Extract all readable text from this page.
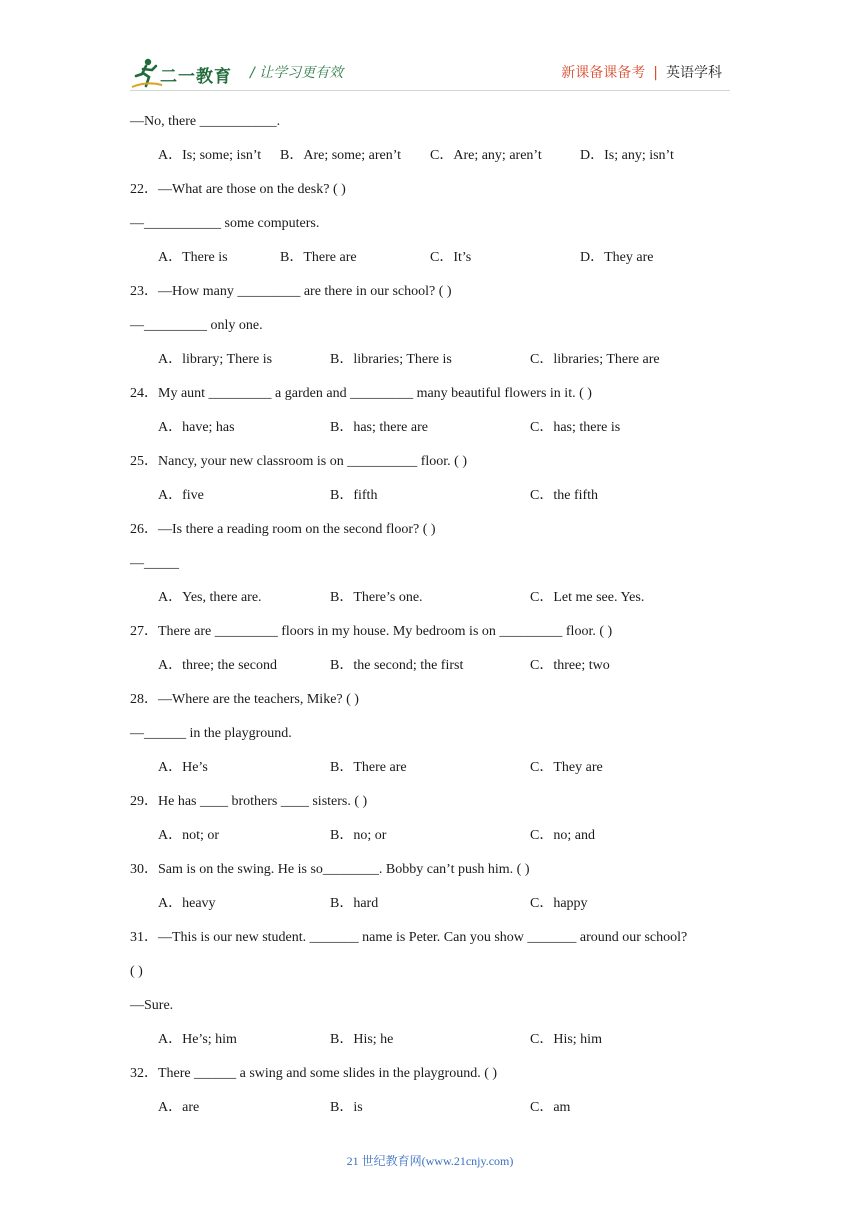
二一教育 / 让学习更有效	新课备课备考 | 英语学科
—No, there ___________.
A．Is; some; isn’t B．Are; some; aren’t C．Are; any; aren’t	D．Is; any; isn’t
22．—What are those on the desk? ( )
—___________ some computers.
A．There is	B．There are	C．It’s	D．They are
23．—How many _________ are there in our school? ( )
—_________ only one.
A．library; There is	B．libraries; There is	C．libraries; There are
24．My aunt _________ a garden and _________ many beautiful flowers in it. ( )
A．have; has	B．has; there are	C．has; there is
25．Nancy, your new classroom is on __________ floor. ( )
A．five	B．fifth	C．the fifth
26．—Is there a reading room on the second floor? ( )
—_____
A．Yes, there are.	B．There’s one.	C．Let me see. Yes.
27．There are _________ floors in my house. My bedroom is on _________ floor. ( )
A．three; the second	B．the second; the first	C．three; two
28．—Where are the teachers, Mike? ( )
—______ in the playground.
A．He’s	B．There are	C．They are
29．He has ____ brothers ____ sisters. ( )
A．not; or	B．no; or	C．no; and
30．Sam is on the swing. He is so________. Bobby can’t push him. ( )
A．heavy	B．hard	C．happy
31．—This is our new student. _______ name is Peter. Can you show _______ around our school?
( )
—Sure.
A．He’s; him	B．His; he	C．His; him
32．There ______ a swing and some slides in the playground. ( )
A．are	B．is	C．am
21 世纪教育网(www.21cnjy.com)
